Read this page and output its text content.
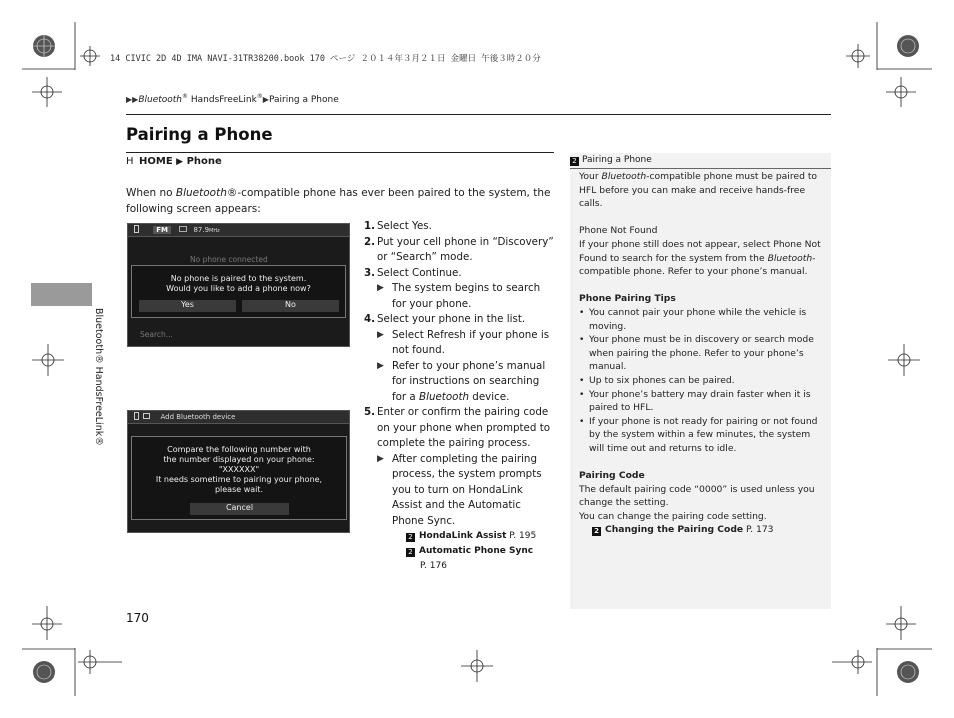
14 CIVIC 2D 4D IMA NAVI-31TR38200.book 170 ページ ２０１４年３月２１日 金曜日 午後３時２０分
▶▶Bluetooth® HandsFreeLink®▶Pairing a Phone
Bluetooth® HandsFreeLink®
Pairing a Phone
H HOME ▶ Phone
When no Bluetooth®-compatible phone has ever been paired to the system, the following screen appears:
FM	87.9MHz
No phone connected
No phone is paired to the system.
Would you like to add a phone now?
Yes	No
Search...
Add Bluetooth device
Compare the following number with
the number displayed on your phone:
"XXXXXX"
It needs sometime to pairing your phone,
please wait.
Cancel
1. Select Yes.
2. Put your cell phone in “Discovery” or “Search” mode.
3. Select Continue.
▶ The system begins to search for your phone.
4. Select your phone in the list.
▶ Select Refresh if your phone is not found.
▶ Refer to your phone’s manual for instructions on searching for a Bluetooth device.
5. Enter or confirm the pairing code on your phone when prompted to complete the pairing process.
▶ After completing the pairing process, the system prompts you to turn on HondaLink Assist and the Automatic Phone Sync.
2 HondaLink Assist P. 195
2 Automatic Phone Sync
P. 176
2 Pairing a Phone

Your Bluetooth-compatible phone must be paired to HFL before you can make and receive hands-free calls.

Phone Not Found

If your phone still does not appear, select Phone Not Found to search for the system from the Bluetooth-compatible phone. Refer to your phone’s manual.

Phone Pairing Tips

• You cannot pair your phone while the vehicle is moving.
• Your phone must be in discovery or search mode when pairing the phone. Refer to your phone’s manual.
• Up to six phones can be paired.
• Your phone’s battery may drain faster when it is paired to HFL.
• If your phone is not ready for pairing or not found by the system within a few minutes, the system will time out and returns to idle.

Pairing Code

The default pairing code “0000” is used unless you change the setting.

You can change the pairing code setting.

2 Changing the Pairing Code P. 173

170
